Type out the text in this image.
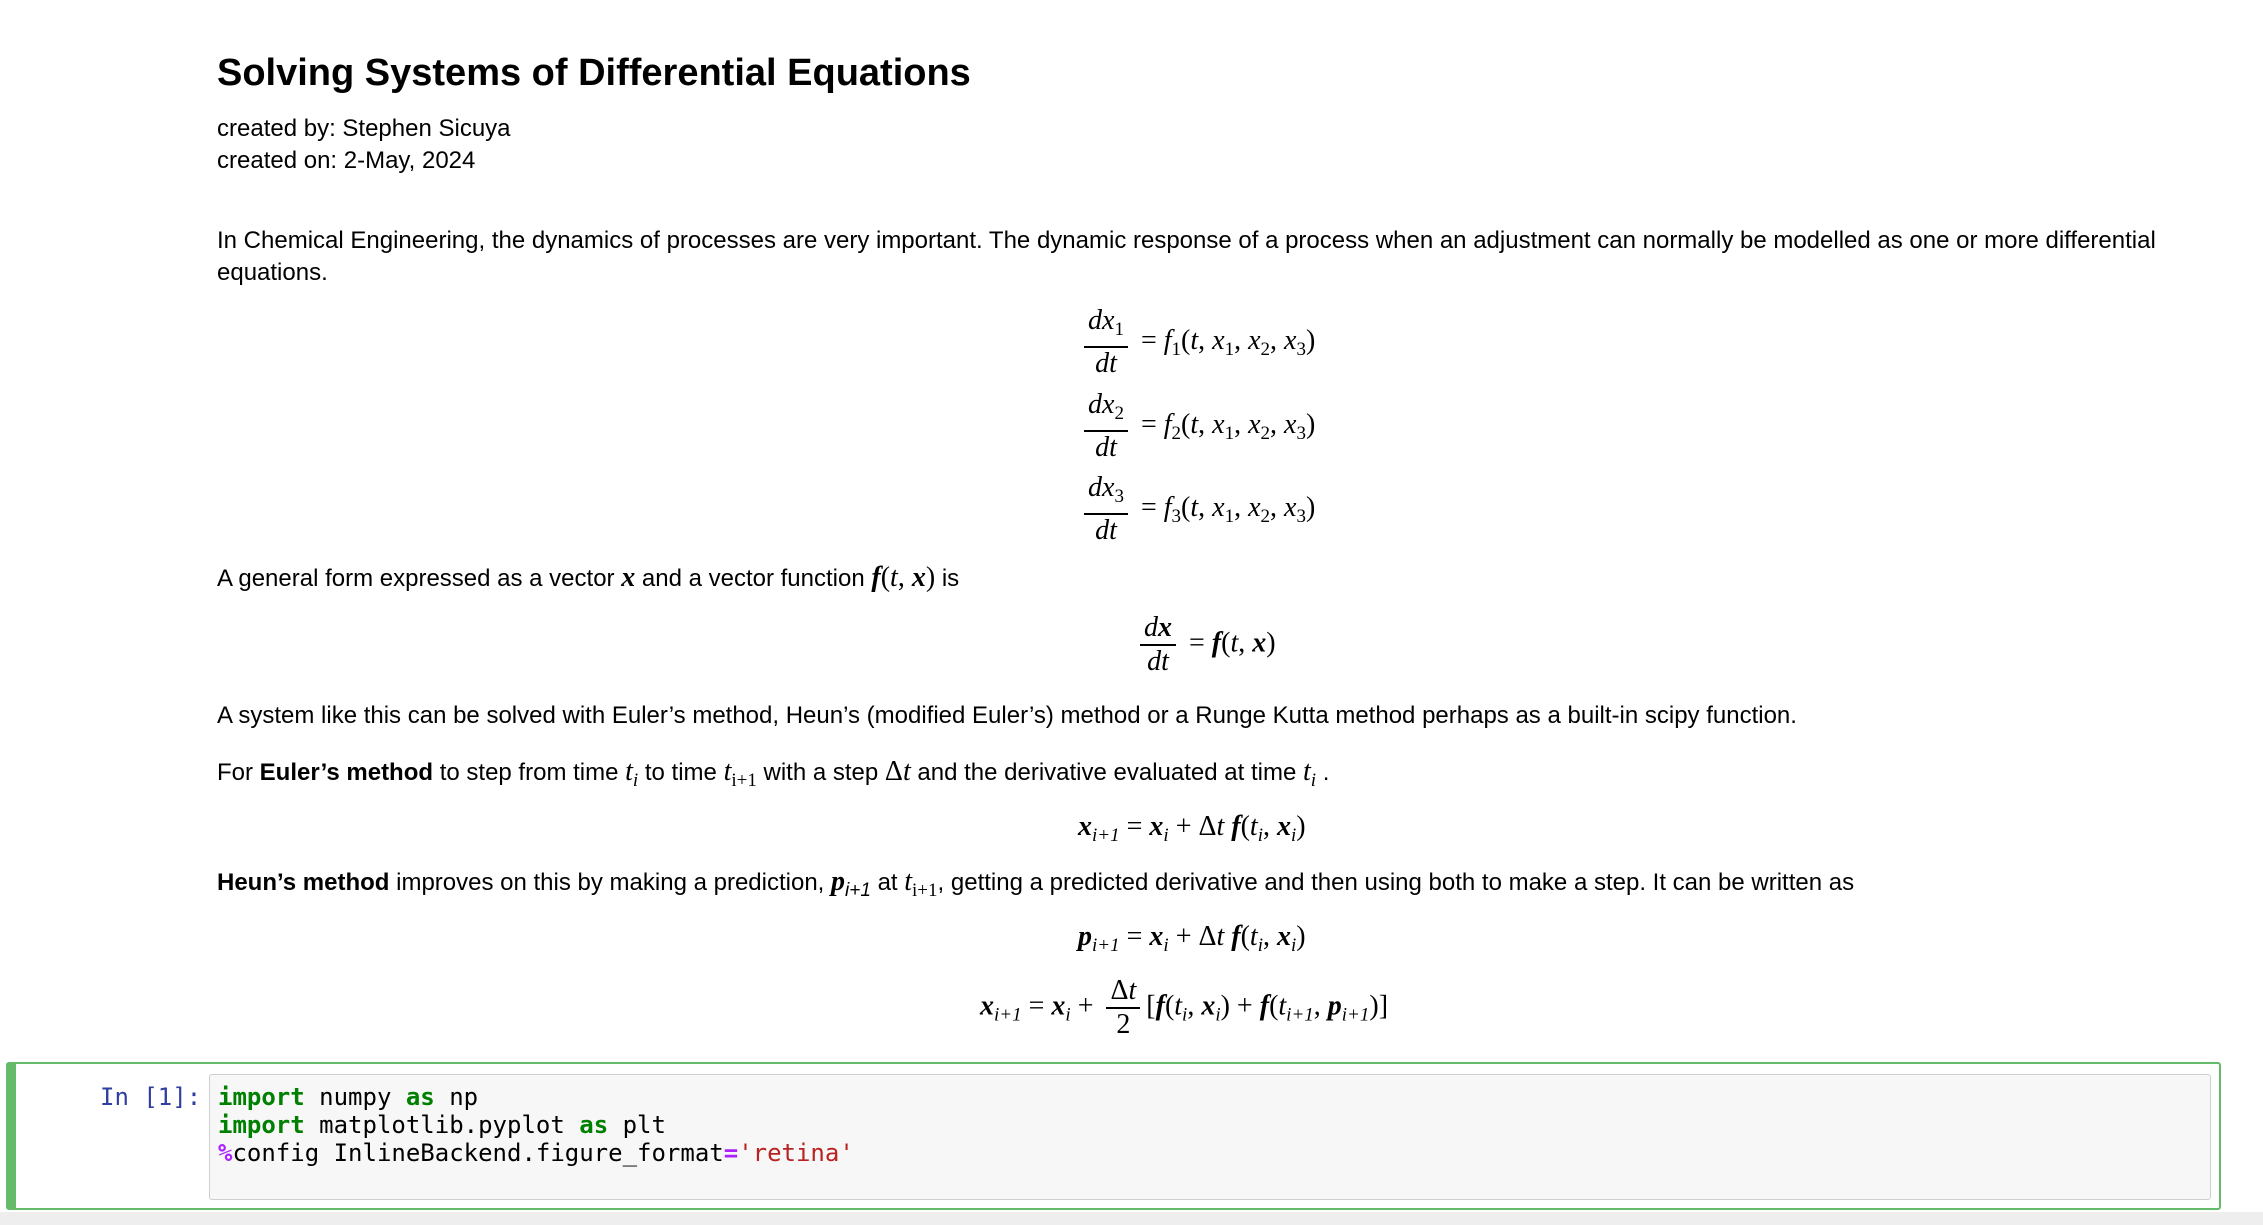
Solving Systems of Differential Equations
created by: Stephen Sicuya
created on: 2-May, 2024
In Chemical Engineering, the dynamics of processes are very important. The dynamic response of a process when an adjustment can normally be modelled as one or more differential equations.
$\frac{dx_1}{dt} = f_1(t$, $x_1$, $x_2$, $x_3$)
$\frac{dx_2}{dt} = f_2(t$, $x_1$, $x_2$, $x_3$)
$\frac{dx_3}{dt} = f_3(t$, $x_1$, $x_2$, $x_3$)
A general form expressed as a vector x and a vector function f(t, x) is
$\frac{dx}{dt} = f(t$, x)
A system like this can be solved with Euler’s method, Heun’s (modified Euler’s) method or a Runge Kutta method perhaps as a built-in scipy function.
For Euler’s method to step from time $t_i$ to time $t_{i+1}$ with a step Δt and the derivative evaluated at time $t_i$ .
$x_{i+1} = x_i + \Delta t$ $f(t_i$, $x_i$)
Heun’s method improves on this by making a prediction, $p_{i+1}$ at $t_{i+1}$, getting a predicted derivative and then using both to make a step. It can be written as
$p_{i+1} = x_i + \Delta t$ $f(t_i$, $x_i$)
$x_{i+1} = x_i + \frac{\Delta t}{2} [f(t_i$, $x_i) + f(t_{i+1}$, $p_{i+1}$)]
In [1]: import numpy as np
import matplotlib.pyplot as plt
%config InlineBackend.figure_format='retina'
